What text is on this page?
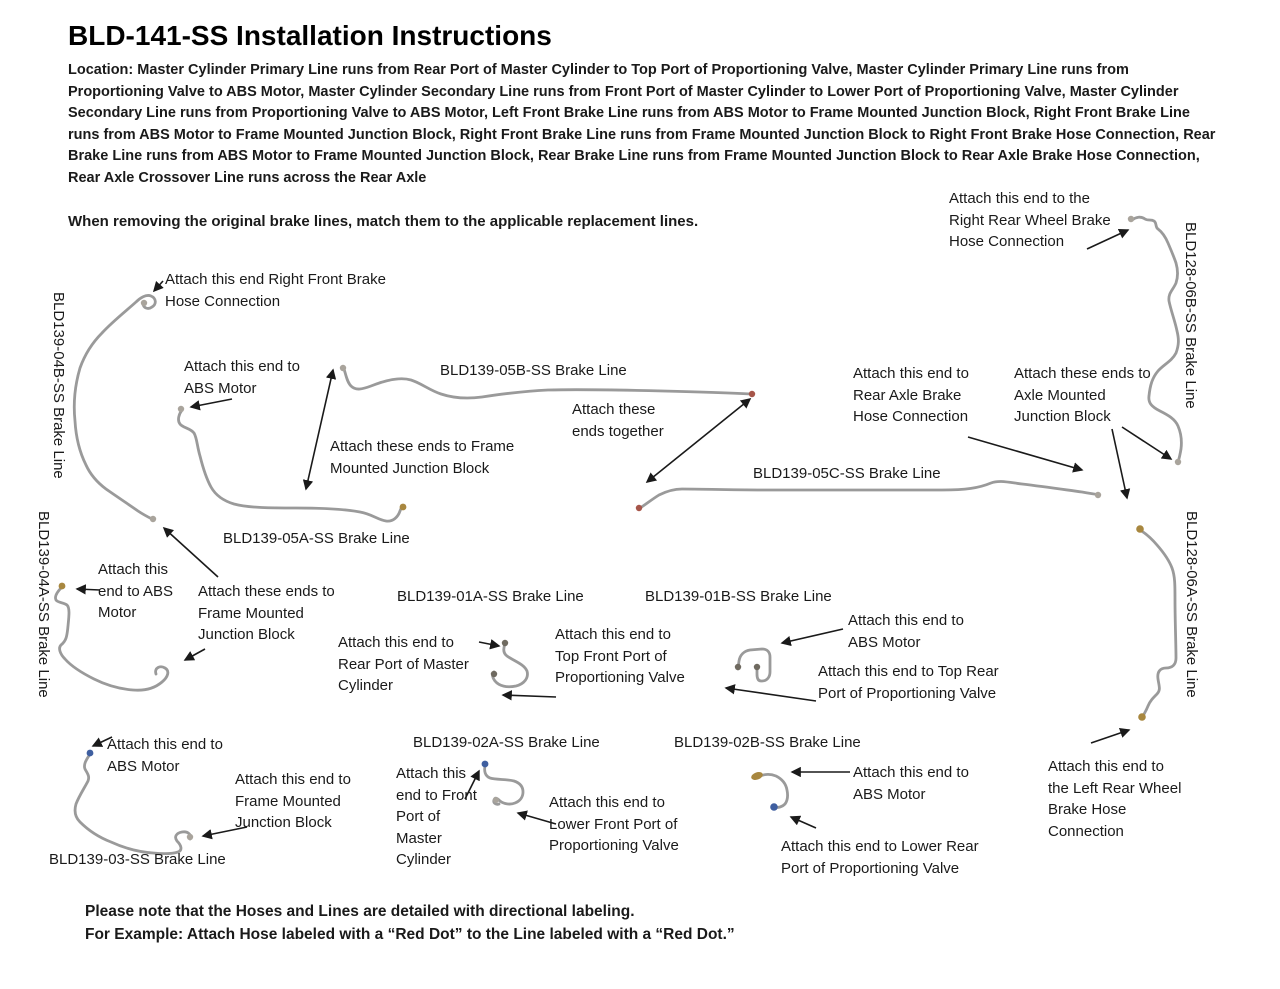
BLD-141-SS Installation Instructions

Location: Master Cylinder Primary Line runs from Rear Port of Master Cylinder to Top Port of Proportioning Valve, Master Cylinder Primary Line runs from Proportioning Valve to ABS Motor, Master Cylinder Secondary Line runs from Front Port of Master Cylinder to Lower Port of Proportioning Valve, Master Cylinder Secondary Line runs from Proportioning Valve to ABS Motor, Left Front Brake Line runs from ABS Motor to Frame Mounted Junction Block, Right Front Brake Line runs from ABS Motor to Frame Mounted Junction Block, Right Front Brake Line runs from Frame Mounted Junction Block to Right Front Brake Hose Connection, Rear Brake Line runs from ABS Motor to Frame Mounted Junction Block, Rear Brake Line runs from Frame Mounted Junction Block to Rear Axle Brake Hose Connection, Rear Axle Crossover Line runs across the Rear Axle

When removing the original brake lines, match them to the applicable replacement lines.

BLD139-04B-SS Brake Line
BLD139-04A-SS Brake Line
BLD128-06B-SS Brake Line
BLD128-06A-SS Brake Line
BLD139-05B-SS Brake Line
BLD139-05C-SS Brake Line
BLD139-05A-SS Brake Line
BLD139-01A-SS Brake Line	BLD139-01B-SS Brake Line
BLD139-02A-SS Brake Line	BLD139-02B-SS Brake Line
BLD139-03-SS Brake Line
Attach this end Right Front Brake Hose Connection
Attach this end to the Right Rear Wheel Brake Hose Connection
Attach this end to ABS Motor
Attach these ends together
Attach this end to Rear Axle Brake Hose Connection
Attach these ends to Axle Mounted Junction Block
Attach these ends to Frame Mounted Junction Block
Attach this end to ABS Motor
Attach these ends to Frame Mounted Junction Block	Attach this end to Rear Port of Master Cylinder
Attach this end to Top Front Port of Proportioning Valve
Attach this end to ABS Motor
Attach this end to Top Rear Port of Proportioning Valve
Attach this end to ABS Motor
Attach this end to Frame Mounted Junction Block
Attach this end to Front Port of Master Cylinder
Attach this end to Lower Front Port of Proportioning Valve
Attach this end to ABS Motor
Attach this end to Lower Rear Port of Proportioning Valve
Attach this end to the Left Rear Wheel Brake Hose Connection
Please note that the Hoses and Lines are detailed with directional labeling.
For Example: Attach Hose labeled with a “Red Dot” to the Line labeled with a “Red Dot.”
